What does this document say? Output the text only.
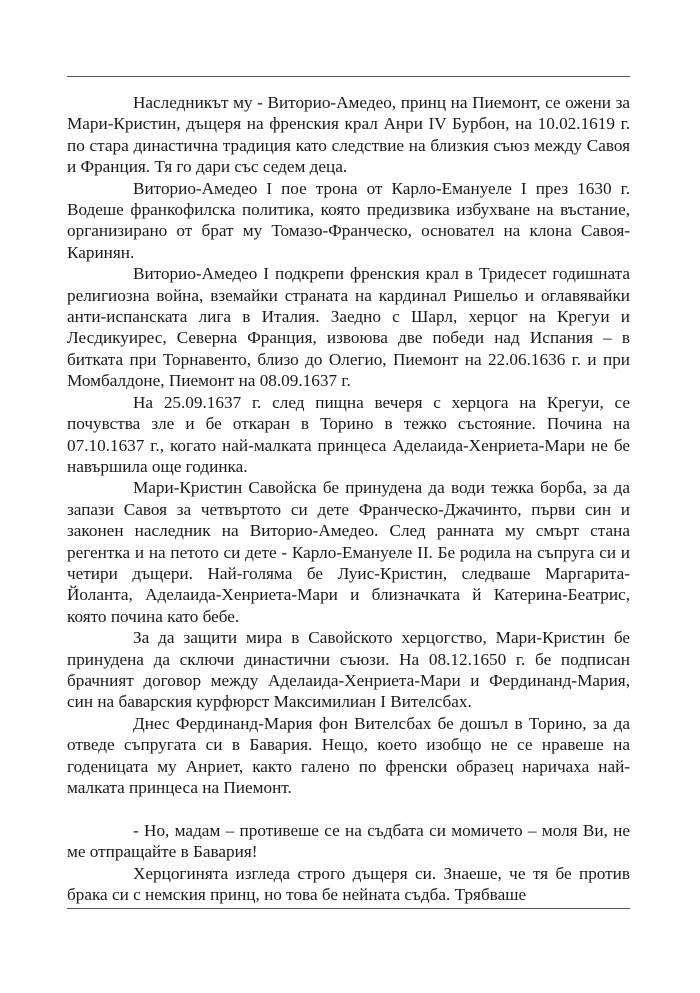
Наследникът му - Виторио-Амедео, принц на Пиемонт, се ожени за Мари-Кристин, дъщеря на френския крал Анри IV Бурбон, на 10.02.1619 г. по стара династична традиция като следствие на близкия съюз между Савоя и Франция. Тя го дари със седем деца.

Виторио-Амедео I пое трона от Карло-Емануеле I през 1630 г. Водеше франкофилска политика, която предизвика избухване на въстание, организирано от брат му Томазо-Франческо, основател на клона Савоя-Каринян.

Виторио-Амедео I подкрепи френския крал в Тридесет годишната религиозна война, вземайки страната на кардинал Ришельо и оглавявайки анти-испанската лига в Италия. Заедно с Шарл, херцог на Крегуи и Лесдикуирес, Северна Франция, извоюва две победи над Испания – в битката при Торнавенто, близо до Олегио, Пиемонт на 22.06.1636 г. и при Момбалдоне, Пиемонт на 08.09.1637 г.

На 25.09.1637 г. след пищна вечеря с херцога на Крегуи, се почувства зле и бе откаран в Торино в тежко състояние. Почина на 07.10.1637 г., когато най-малката принцеса Аделаида-Хенриета-Мари не бе навършила още годинка.

Мари-Кристин Савойска бе принудена да води тежка борба, за да запази Савоя за четвъртото си дете Франческо-Джачинто, първи син и законен наследник на Виторио-Амедео. След ранната му смърт стана регентка и на петото си дете - Карло-Емануеле II. Бе родила на съпруга си и четири дъщери. Най-голяма бе Луис-Кристин, следваше Маргарита-Йоланта, Аделаида-Хенриета-Мари и близначката й Катерина-Беатрис, която почина като бебе.

За да защити мира в Савойското херцогство, Мари-Кристин бе принудена да сключи династични съюзи. На 08.12.1650 г. бе подписан брачният договор между Аделаида-Хенриета-Мари и Фердинанд-Мария, син на баварския курфюрст Максимилиан I Вителсбах.

Днес Фердинанд-Мария фон Вителсбах бе дошъл в Торино, за да отведе съпругата си в Бавария. Нещо, което изобщо не се нравеше на годеницата му Анриет, както галено по френски образец наричаха най-малката принцеса на Пиемонт.

- Но, мадам – противеше се на съдбата си момичето – моля Ви, не ме отпращайте в Бавария!

Херцогинята изгледа строго дъщеря си. Знаеше, че тя бе против брака си с немския принц, но това бе нейната съдба. Трябваше
